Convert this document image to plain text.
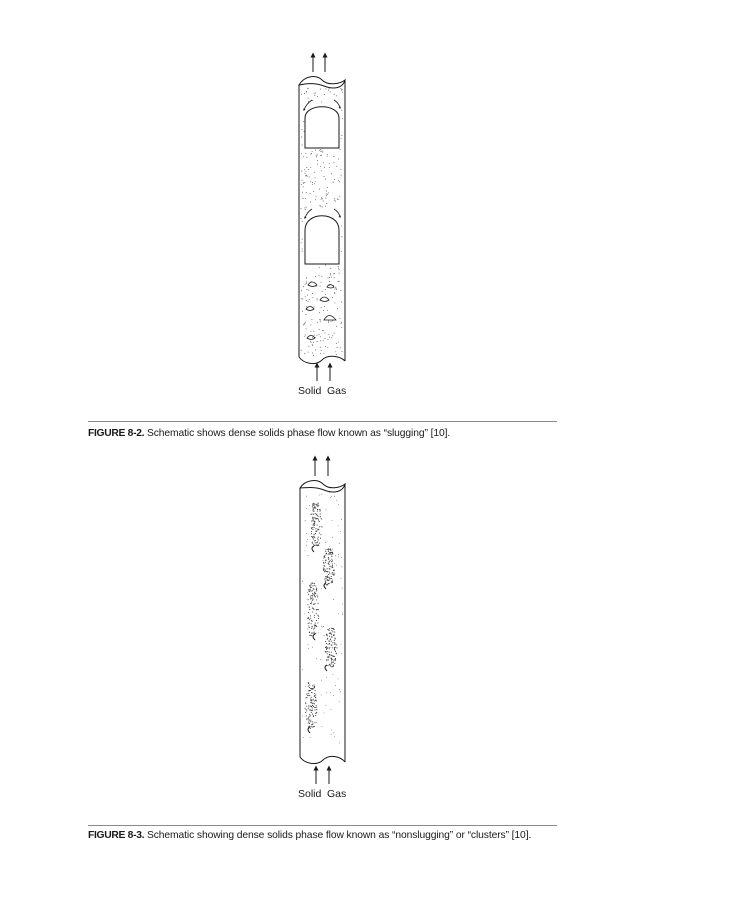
Solid Gas
FIGURE 8-2. Schematic shows dense solids phase flow known as “slugging” [10].
Solid Gas
FIGURE 8-3. Schematic showing dense solids phase flow known as “nonslugging” or “clusters” [10].
